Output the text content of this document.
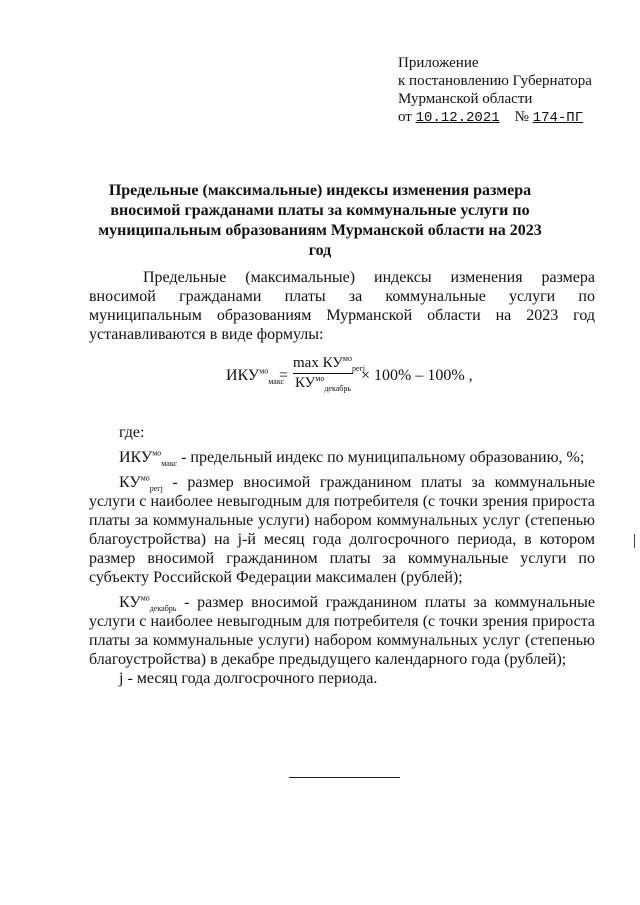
Приложение
к постановлению Губернатора
Мурманской области
от 10.12.2021 № 174-ПГ
Предельные (максимальные) индексы изменения размера вносимой гражданами платы за коммунальные услуги по муниципальным образованиям Мурманской области на 2023 год
Предельные (максимальные) индексы изменения размера вносимой гражданами платы за коммунальные услуги по муниципальным образованиям Мурманской области на 2023 год устанавливаются в виде формулы:
$ИКУ^{мо}_{макс}$
=
$\max КУ^{мо}_{регj}$
$КУ^{мо}_{декабрь}$
× 100% – 100% ,

где:

$ИКУ^{мо}_{макс}$ - предельный индекс по муниципальному образованию, %;

$КУ^{мо}_{регj}$ - размер вносимой гражданином платы за коммунальные услуги с наиболее невыгодным для потребителя (с точки зрения прироста платы за коммунальные услуги) набором коммунальных услуг (степенью благоустройства) на j-й месяц года долгосрочного периода, в котором размер вносимой гражданином платы за коммунальные услуги по субъекту Российской Федерации максимален (рублей);

$КУ^{мо}_{декабрь}$ - размер вносимой гражданином платы за коммунальные услуги с наиболее невыгодным для потребителя (с точки зрения прироста платы за коммунальные услуги) набором коммунальных услуг (степенью благоустройства) в декабре предыдущего календарного года (рублей);

j - месяц года долгосрочного периода.
